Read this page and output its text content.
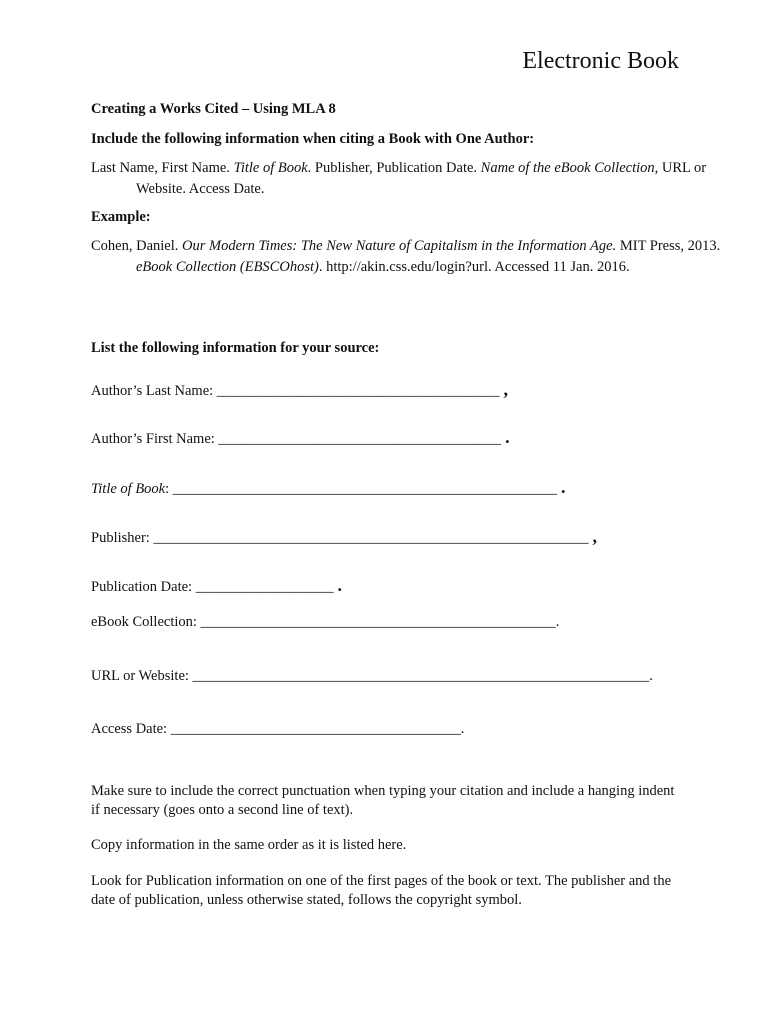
Electronic Book
Creating a Works Cited – Using MLA 8
Include the following information when citing a Book with One Author:
Last Name, First Name. Title of Book. Publisher, Publication Date. Name of the eBook Collection, URL or Website. Access Date.
Example:
Cohen, Daniel. Our Modern Times: The New Nature of Capitalism in the Information Age. MIT Press, 2013. eBook Collection (EBSCOhost). http://akin.css.edu/login?url. Accessed 11 Jan. 2016.
List the following information for your source:
Author’s Last Name: _______________________________________ ,
Author’s First Name: _______________________________________ .
Title of Book: _____________________________________________________ .
Publisher: ____________________________________________________________ ,
Publication Date: ___________________ .
eBook Collection: _________________________________________________.
URL or Website: _______________________________________________________________.
Access Date: ________________________________________.
Make sure to include the correct punctuation when typing your citation and include a hanging indent if necessary (goes onto a second line of text).
Copy information in the same order as it is listed here.
Look for Publication information on one of the first pages of the book or text. The publisher and the date of publication, unless otherwise stated, follows the copyright symbol.
